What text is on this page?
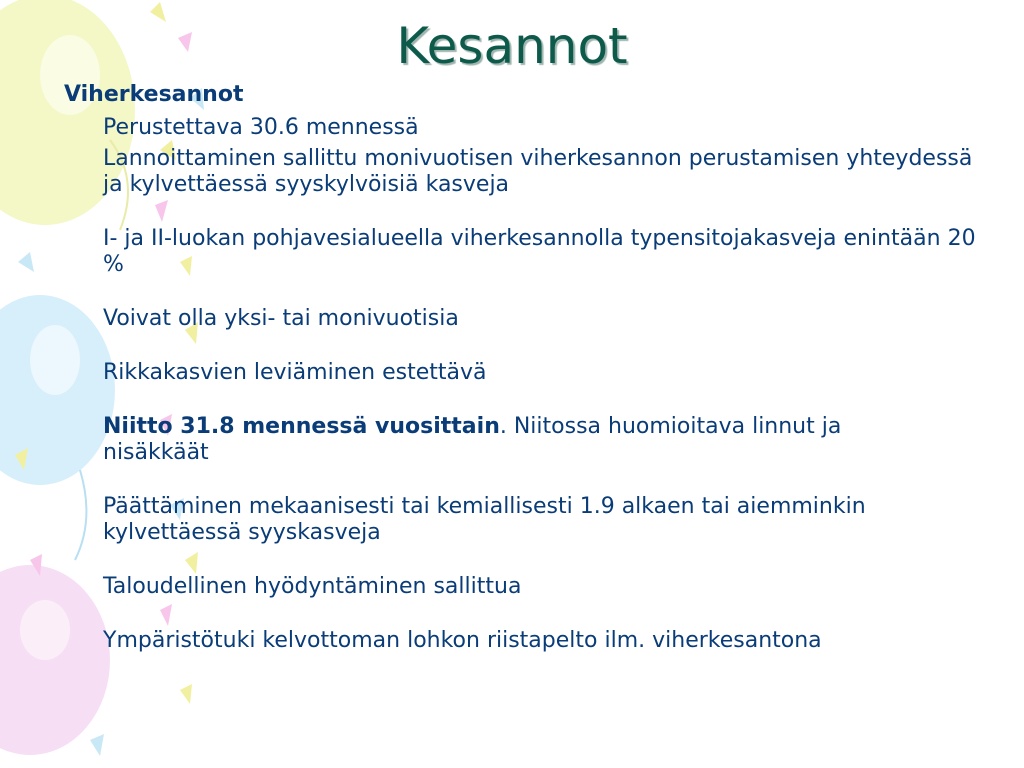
Kesannot
Viherkesannot

Perustettava 30.6 mennessä

Lannoittaminen sallittu monivuotisen viherkesannon perustamisen yhteydessä ja kylvettäessä syyskylvöisiä kasveja

I- ja II-luokan pohjavesialueella viherkesannolla typensitojakasveja enintään 20 %

Voivat olla yksi- tai monivuotisia

Rikkakasvien leviäminen estettävä

Niitto 31.8 mennessä vuosittain. Niitossa huomioitava linnut ja
nisäkkäät

Päättäminen mekaanisesti tai kemiallisesti 1.9 alkaen tai aiemminkin kylvettäessä syyskasveja

Taloudellinen hyödyntäminen sallittua

Ympäristötuki kelvottoman lohkon riistapelto ilm. viherkesantona
